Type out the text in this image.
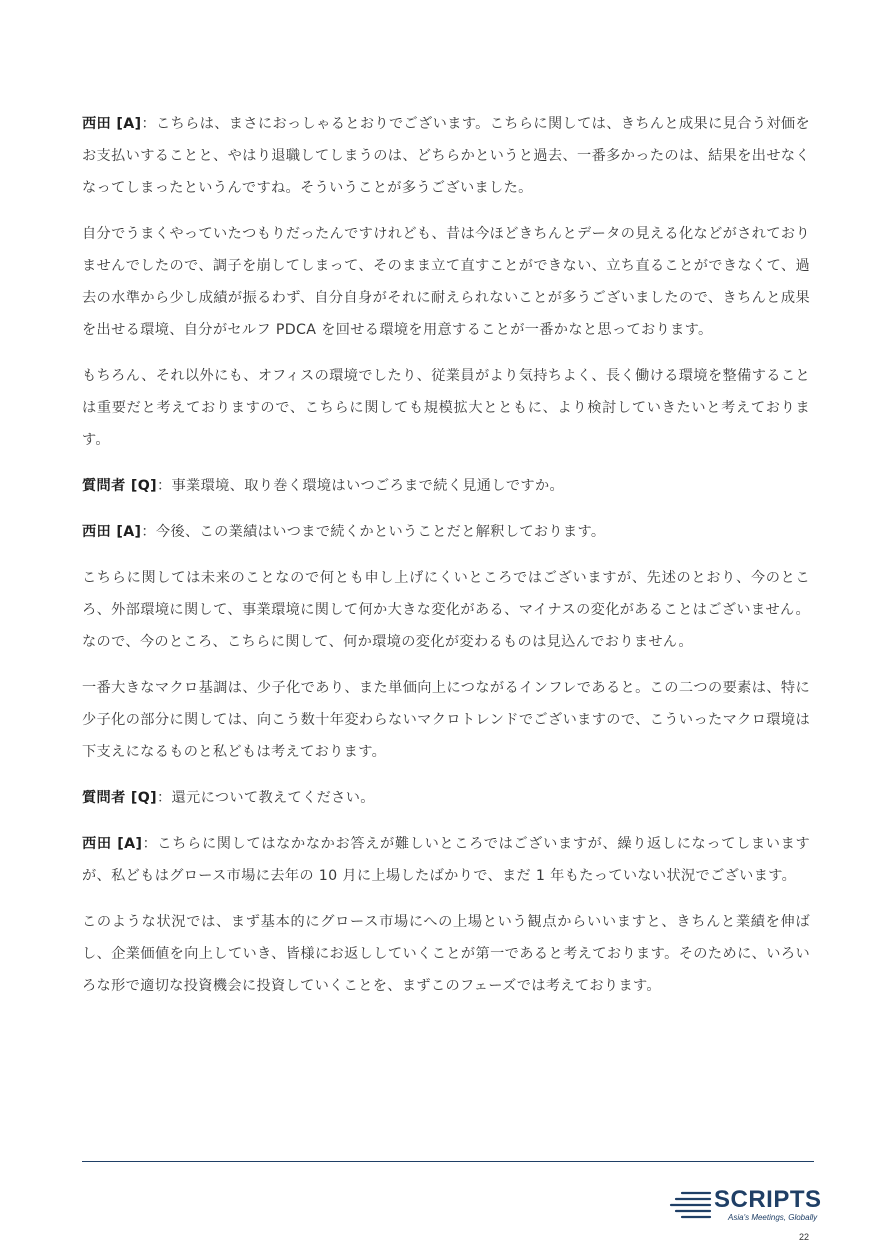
西田 [A]：こちらは、まさにおっしゃるとおりでございます。こちらに関しては、きちんと成果に見合う対価をお支払いすることと、やはり退職してしまうのは、どちらかというと過去、一番多かったのは、結果を出せなくなってしまったというんですね。そういうことが多うございました。

自分でうまくやっていたつもりだったんですけれども、昔は今ほどきちんとデータの見える化などがされておりませんでしたので、調子を崩してしまって、そのまま立て直すことができない、立ち直ることができなくて、過去の水準から少し成績が振るわず、自分自身がそれに耐えられないことが多うございましたので、きちんと成果を出せる環境、自分がセルフ PDCA を回せる環境を用意することが一番かなと思っております。

もちろん、それ以外にも、オフィスの環境でしたり、従業員がより気持ちよく、長く働ける環境を整備することは重要だと考えておりますので、こちらに関しても規模拡大とともに、より検討していきたいと考えております。

質問者 [Q]：事業環境、取り巻く環境はいつごろまで続く見通しですか。

西田 [A]：今後、この業績はいつまで続くかということだと解釈しております。

こちらに関しては未来のことなので何とも申し上げにくいところではございますが、先述のとおり、今のところ、外部環境に関して、事業環境に関して何か大きな変化がある、マイナスの変化があることはございません。なので、今のところ、こちらに関して、何か環境の変化が変わるものは見込んでおりません。

一番大きなマクロ基調は、少子化であり、また単価向上につながるインフレであると。この二つの要素は、特に少子化の部分に関しては、向こう数十年変わらないマクロトレンドでございますので、こういったマクロ環境は下支えになるものと私どもは考えております。

質問者 [Q]：還元について教えてください。

西田 [A]：こちらに関してはなかなかお答えが難しいところではございますが、繰り返しになってしまいますが、私どもはグロース市場に去年の 10 月に上場したばかりで、まだ 1 年もたっていない状況でございます。

このような状況では、まず基本的にグロース市場にへの上場という観点からいいますと、きちんと業績を伸ばし、企業価値を向上していき、皆様にお返ししていくことが第一であると考えております。そのために、いろいろな形で適切な投資機会に投資していくことを、まずこのフェーズでは考えております。

SCRIPTS
Asia's Meetings, Globally
22
